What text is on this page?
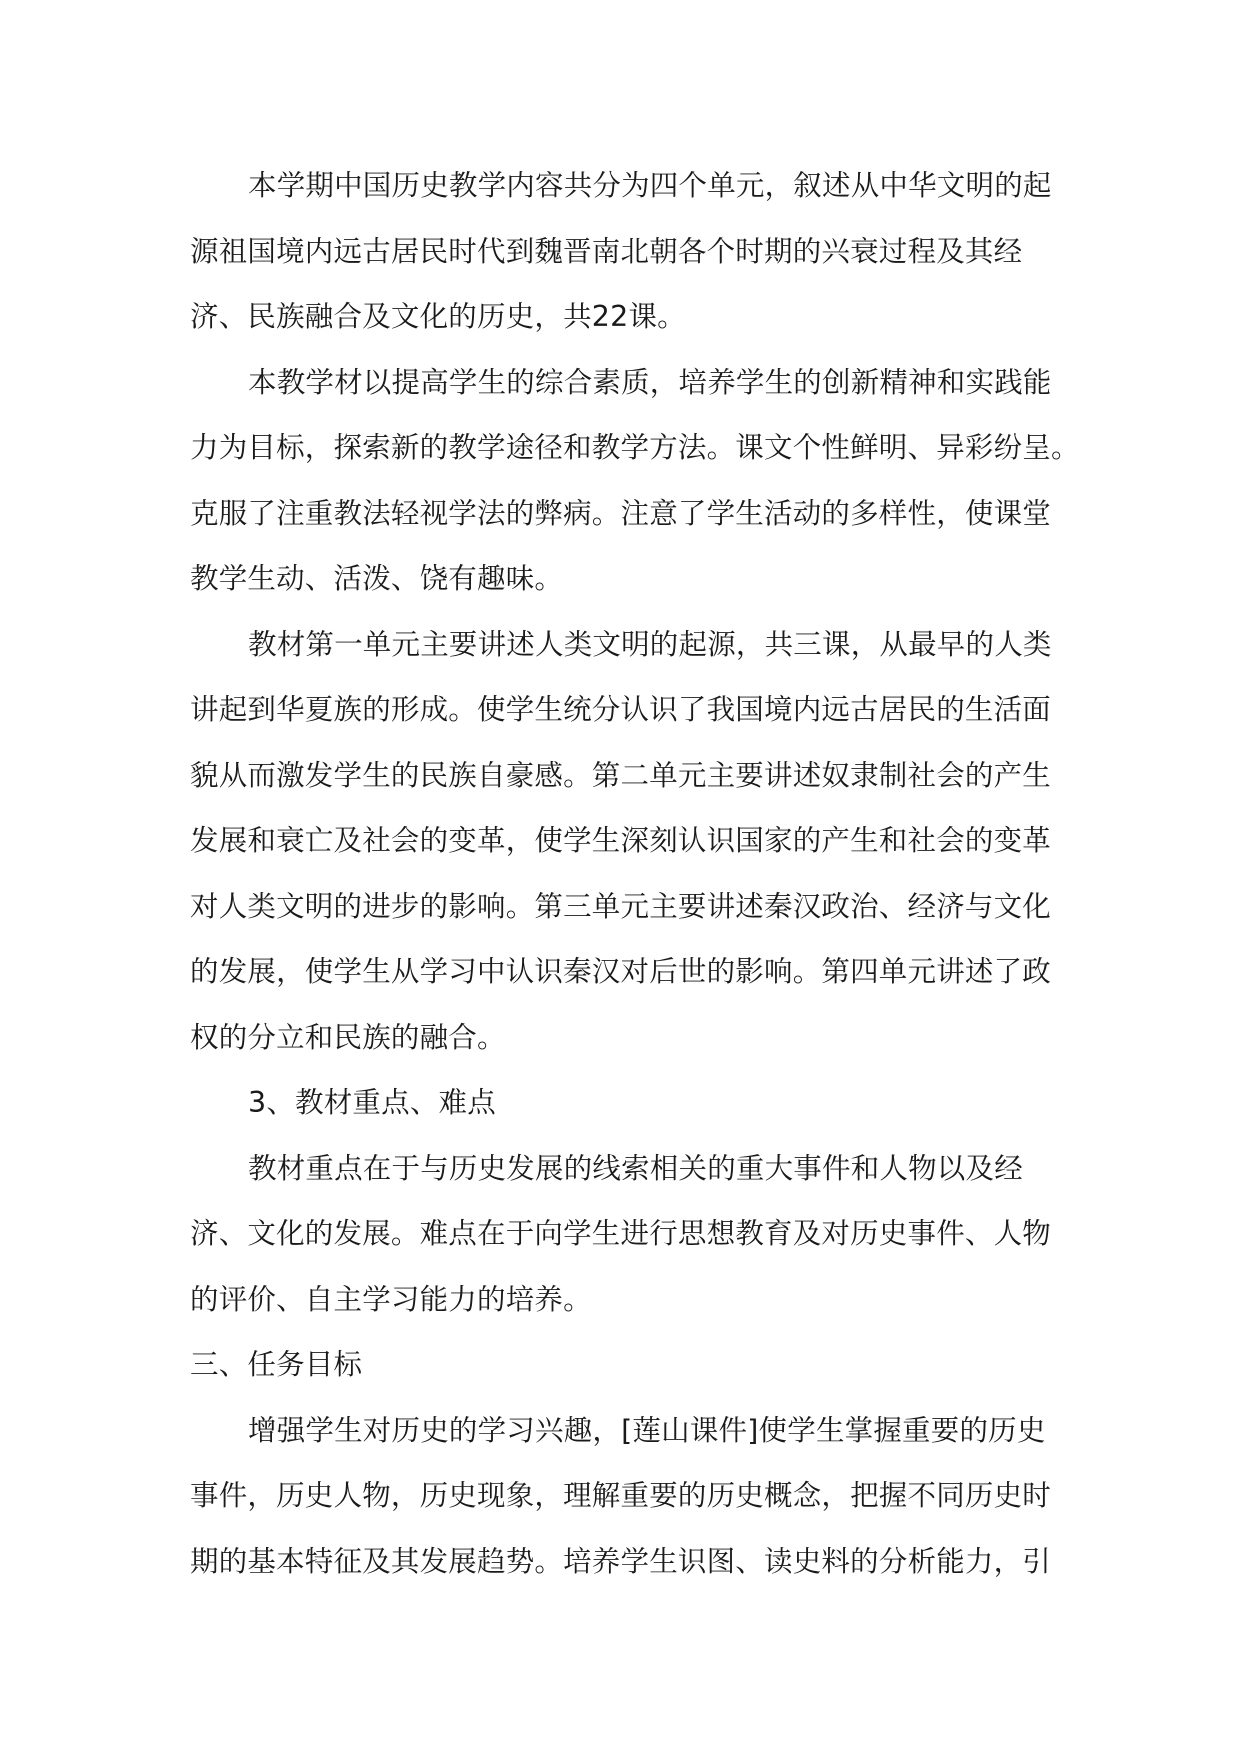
本学期中国历史教学内容共分为四个单元，叙述从中华文明的起
源祖国境内远古居民时代到魏晋南北朝各个时期的兴衰过程及其经
济、民族融合及文化的历史，共22课。
本教学材以提高学生的综合素质，培养学生的创新精神和实践能
力为目标，探索新的教学途径和教学方法。课文个性鲜明、异彩纷呈。
克服了注重教法轻视学法的弊病。注意了学生活动的多样性，使课堂
教学生动、活泼、饶有趣味。
教材第一单元主要讲述人类文明的起源，共三课，从最早的人类
讲起到华夏族的形成。使学生统分认识了我国境内远古居民的生活面
貌从而激发学生的民族自豪感。第二单元主要讲述奴隶制社会的产生
发展和衰亡及社会的变革，使学生深刻认识国家的产生和社会的变革
对人类文明的进步的影响。第三单元主要讲述秦汉政治、经济与文化
的发展，使学生从学习中认识秦汉对后世的影响。第四单元讲述了政
权的分立和民族的融合。
3、教材重点、难点
教材重点在于与历史发展的线索相关的重大事件和人物以及经
济、文化的发展。难点在于向学生进行思想教育及对历史事件、人物
的评价、自主学习能力的培养。
三、任务目标
增强学生对历史的学习兴趣，[莲山课件]使学生掌握重要的历史
事件，历史人物，历史现象，理解重要的历史概念，把握不同历史时
期的基本特征及其发展趋势。培养学生识图、读史料的分析能力，引
